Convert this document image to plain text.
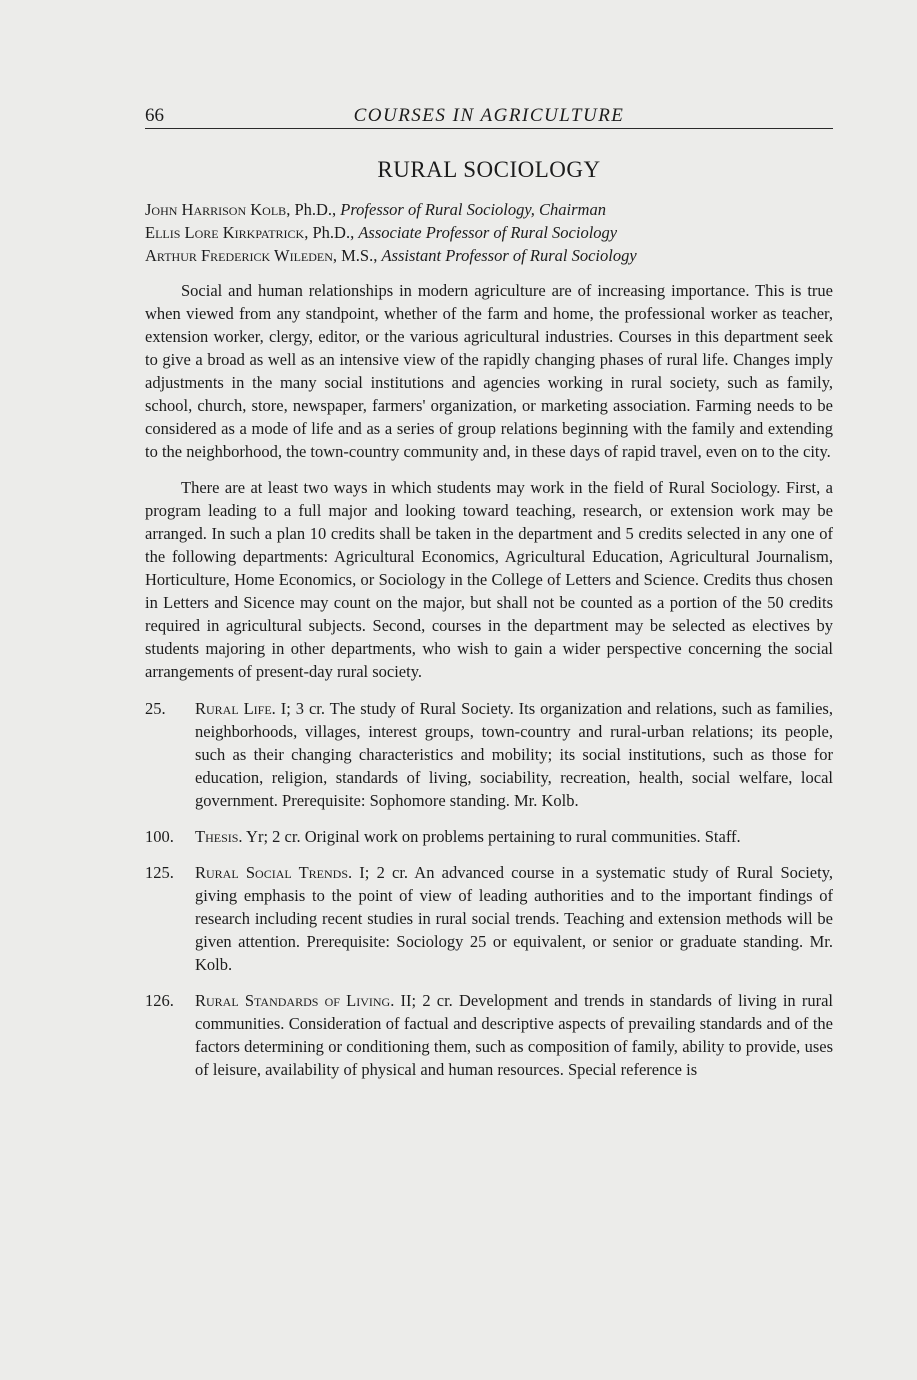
66	COURSES IN AGRICULTURE
RURAL SOCIOLOGY
John Harrison Kolb, Ph.D., Professor of Rural Sociology, Chairman
Ellis Lore Kirkpatrick, Ph.D., Associate Professor of Rural Sociology
Arthur Frederick Wileden, M.S., Assistant Professor of Rural Sociology

Social and human relationships in modern agriculture are of increasing importance. This is true when viewed from any standpoint, whether of the farm and home, the professional worker as teacher, extension worker, clergy, editor, or the various agricultural industries. Courses in this department seek to give a broad as well as an intensive view of the rapidly changing phases of rural life. Changes imply adjustments in the many social institutions and agencies working in rural society, such as family, school, church, store, newspaper, farmers' organization, or marketing association. Farming needs to be considered as a mode of life and as a series of group relations beginning with the family and extending to the neighborhood, the town-country community and, in these days of rapid travel, even on to the city.

There are at least two ways in which students may work in the field of Rural Sociology. First, a program leading to a full major and looking toward teaching, research, or extension work may be arranged. In such a plan 10 credits shall be taken in the department and 5 credits selected in any one of the following departments: Agricultural Economics, Agricultural Education, Agricultural Journalism, Horticulture, Home Economics, or Sociology in the College of Letters and Science. Credits thus chosen in Letters and Sicence may count on the major, but shall not be counted as a portion of the 50 credits required in agricultural subjects. Second, courses in the department may be selected as electives by students majoring in other departments, who wish to gain a wider perspective concerning the social arrangements of present-day rural society.

25.	Rural Life. I; 3 cr. The study of Rural Society. Its organization and relations, such as families, neighborhoods, villages, interest groups, town-country and rural-urban relations; its people, such as their changing characteristics and mobility; its social institutions, such as those for education, religion, standards of living, sociability, recreation, health, social welfare, local government. Prerequisite: Sophomore standing. Mr. Kolb.
100.	Thesis. Yr; 2 cr. Original work on problems pertaining to rural communities. Staff.
125.	Rural Social Trends. I; 2 cr. An advanced course in a systematic study of Rural Society, giving emphasis to the point of view of leading authorities and to the important findings of research including recent studies in rural social trends. Teaching and extension methods will be given attention. Prerequisite: Sociology 25 or equivalent, or senior or graduate standing. Mr. Kolb.
126.	Rural Standards of Living. II; 2 cr. Development and trends in standards of living in rural communities. Consideration of factual and descriptive aspects of prevailing standards and of the factors determining or conditioning them, such as composition of family, ability to provide, uses of leisure, availability of physical and human resources. Special reference is
